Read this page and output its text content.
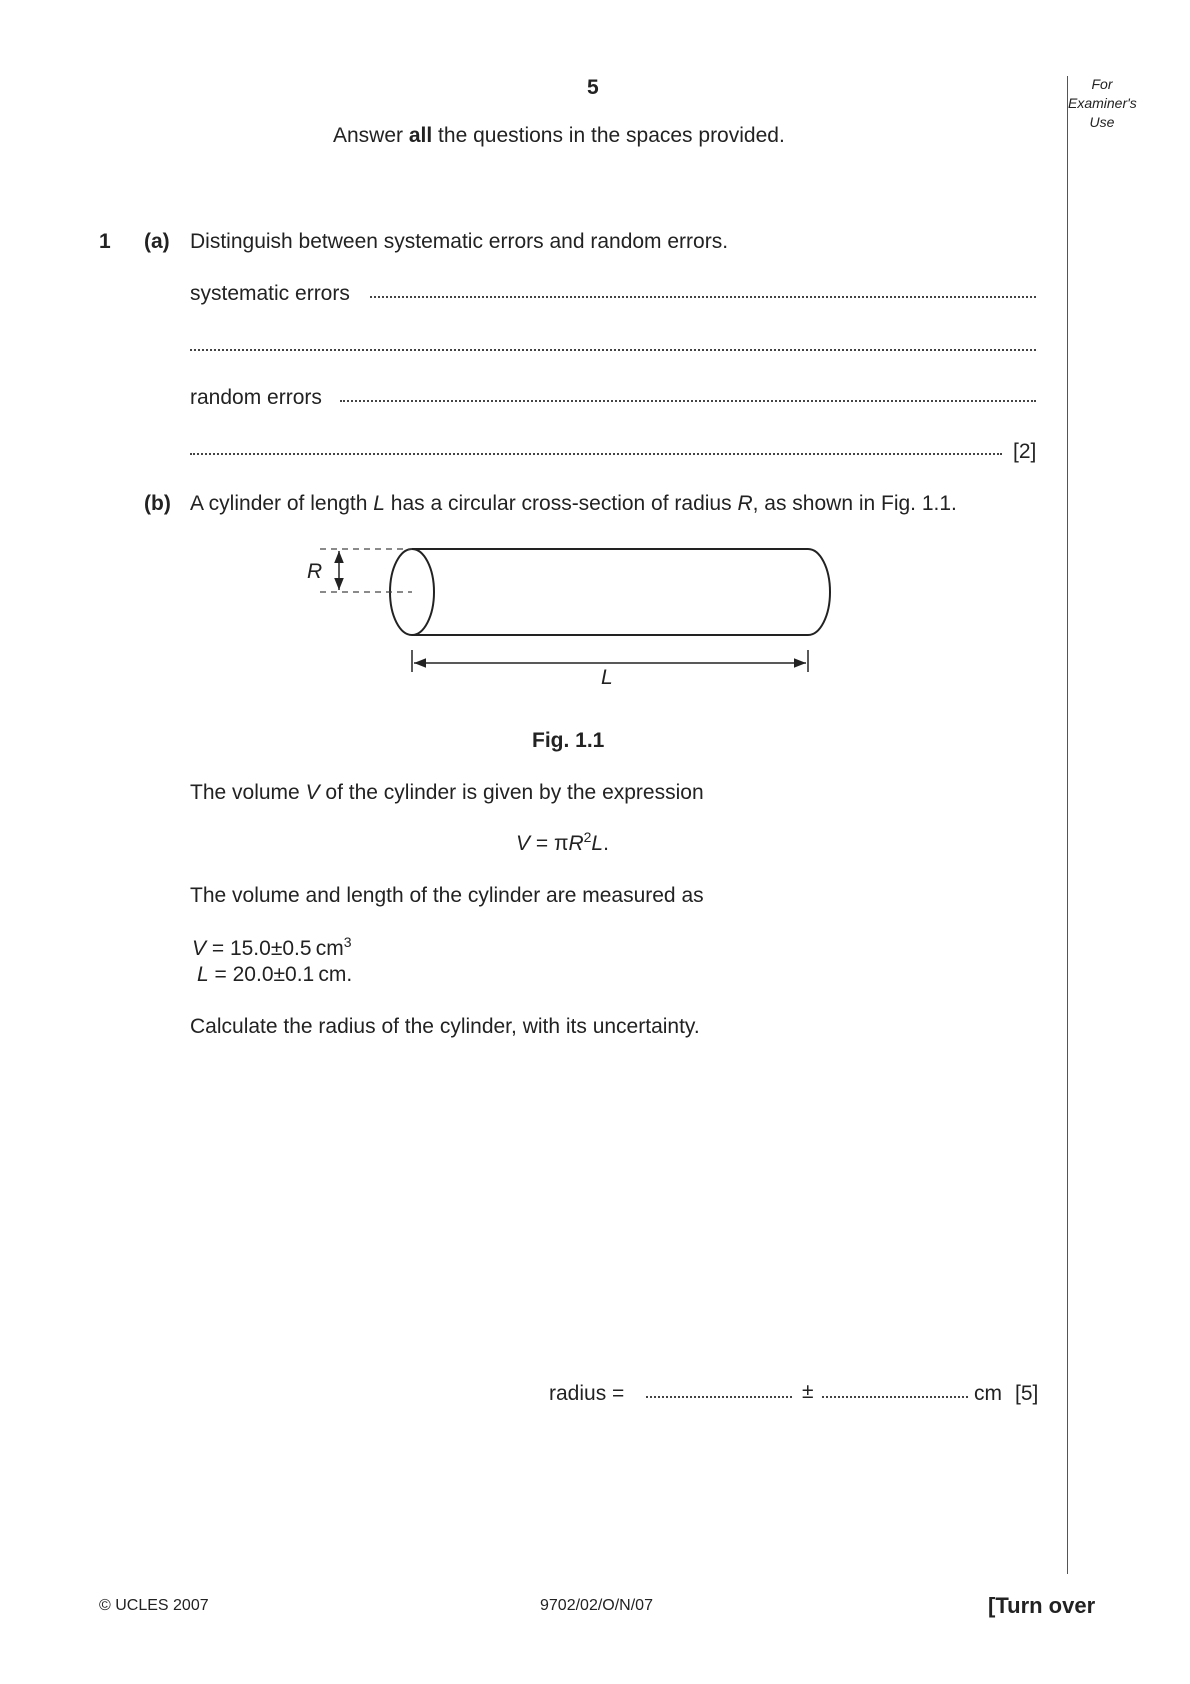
5
Answer all the questions in the spaces provided.
For Examiner's Use
1 (a) Distinguish between systematic errors and random errors.
systematic errors
random errors
[2]
(b) A cylinder of length L has a circular cross-section of radius R, as shown in Fig. 1.1.
R
L
Fig. 1.1
The volume V of the cylinder is given by the expression
$V = \pi R^2L$.
The volume and length of the cylinder are measured as
V = 15.0±0.5 $cm^3$
L = 20.0±0.1 cm.
Calculate the radius of the cylinder, with its uncertainty.
radius =	±	cm [5]
© UCLES 2007	9702/02/O/N/07	[Turn over
